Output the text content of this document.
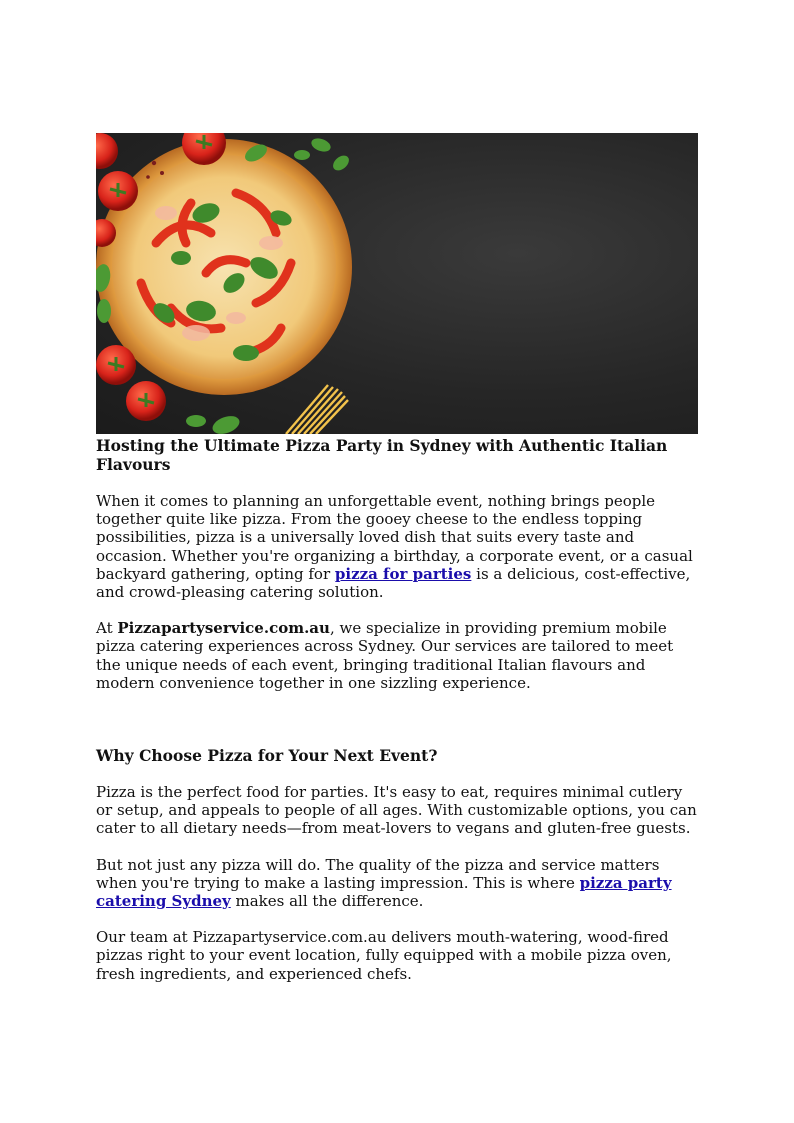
Hosting the Ultimate Pizza Party in Sydney with Authentic Italian Flavours

When it comes to planning an unforgettable event, nothing brings people together quite like pizza. From the gooey cheese to the endless topping possibilities, pizza is a universally loved dish that suits every taste and occasion. Whether you're organizing a birthday, a corporate event, or a casual backyard gathering, opting for pizza for parties is a delicious, cost-effective, and crowd-pleasing catering solution.

At Pizzapartyservice.com.au, we specialize in providing premium mobile pizza catering experiences across Sydney. Our services are tailored to meet the unique needs of each event, bringing traditional Italian flavours and modern convenience together in one sizzling experience.

Why Choose Pizza for Your Next Event?

Pizza is the perfect food for parties. It's easy to eat, requires minimal cutlery or setup, and appeals to people of all ages. With customizable options, you can cater to all dietary needs—from meat-lovers to vegans and gluten-free guests.

But not just any pizza will do. The quality of the pizza and service matters when you're trying to make a lasting impression. This is where pizza party catering Sydney makes all the difference.

Our team at Pizzapartyservice.com.au delivers mouth-watering, wood-fired pizzas right to your event location, fully equipped with a mobile pizza oven, fresh ingredients, and experienced chefs.
